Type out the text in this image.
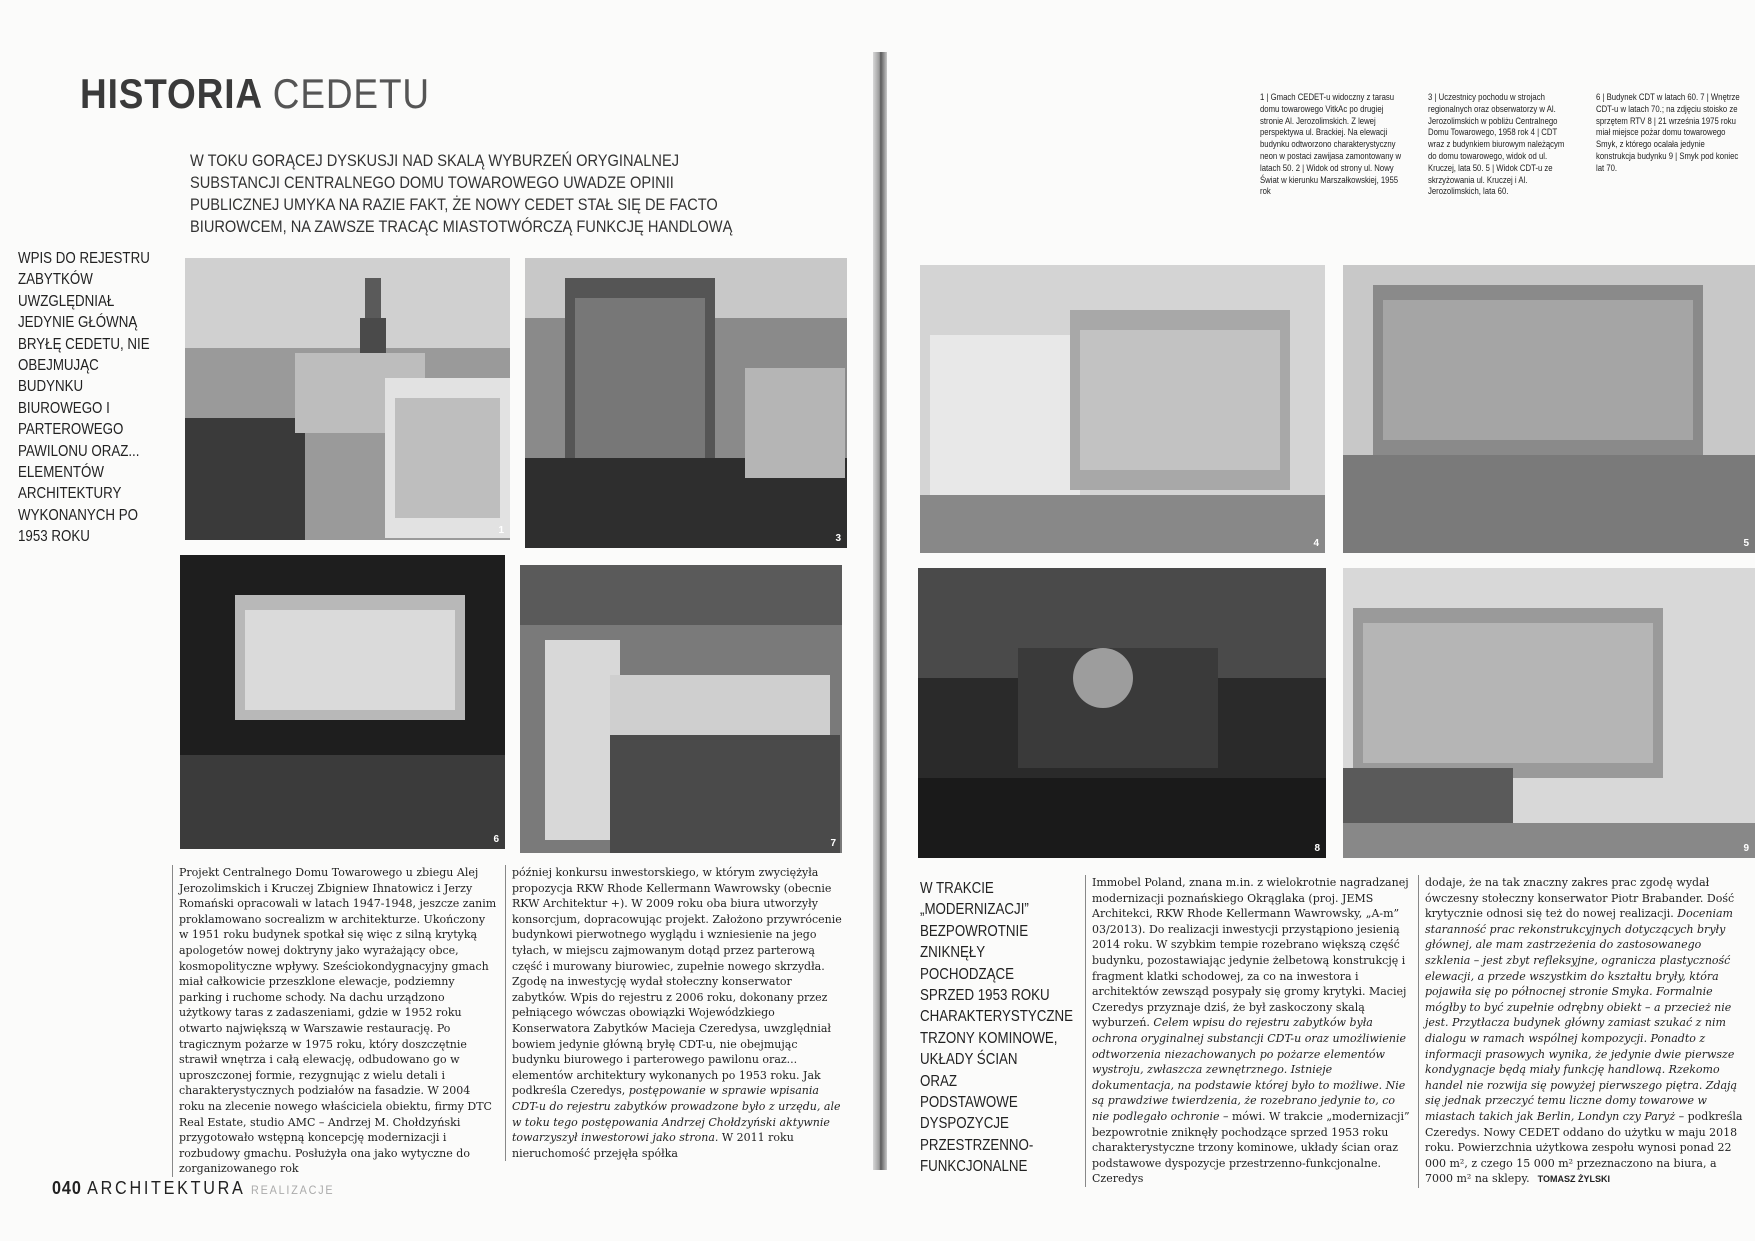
HISTORIA CEDETU
W TOKU GORĄCEJ DYSKUSJI NAD SKALĄ WYBURZEŃ ORYGINALNEJ SUBSTANCJI CENTRALNEGO DOMU TOWAROWEGO UWADZE OPINII PUBLICZNEJ UMYKA NA RAZIE FAKT, ŻE NOWY CEDET STAŁ SIĘ DE FACTO BIUROWCEM, NA ZAWSZE TRACĄC MIASTOTWÓRCZĄ FUNKCJĘ HANDLOWĄ
WPIS DO REJESTRU ZABYTKÓW UWZGLĘDNIAŁ JEDYNIE GŁÓWNĄ BRYŁĘ CEDETU, NIE OBEJMUJĄC BUDYNKU BIUROWEGO I PARTEROWEGO PAWILONU ORAZ... ELEMENTÓW ARCHITEKTURY WYKONANYCH PO 1953 ROKU	1
3
6	7

Projekt Centralnego Domu Towarowego u zbiegu Alej Jerozolimskich i Kruczej Zbigniew Ihnatowicz i Jerzy Romański opracowali w latach 1947-1948, jeszcze zanim proklamowano socrealizm w architekturze. Ukończony w 1951 roku budynek spotkał się więc z silną krytyką apologetów nowej doktryny jako wyrażający obce, kosmopolityczne wpływy. Sześciokondygnacyjny gmach miał całkowicie przeszklone elewacje, podziemny parking i ruchome schody. Na dachu urządzono użytkowy taras z zadaszeniami, gdzie w 1952 roku otwarto największą w Warszawie restaurację. Po tragicznym pożarze w 1975 roku, który doszczętnie strawił wnętrza i całą elewację, odbudowano go w uproszczonej formie, rezygnując z wielu detali i charakterystycznych podziałów na fasadzie. W 2004 roku na zlecenie nowego właściciela obiektu, firmy DTC Real Estate, studio AMC – Andrzej M. Chołdzyński przygotowało wstępną koncepcję modernizacji i rozbudowy gmachu. Posłużyła ona jako wytyczne do zorganizowanego rok

później konkursu inwestorskiego, w którym zwyciężyła propozycja RKW Rhode Kellermann Wawrowsky (obecnie RKW Architektur +). W 2009 roku oba biura utworzyły konsorcjum, dopracowując projekt. Założono przywrócenie budynkowi pierwotnego wyglądu i wzniesienie na jego tyłach, w miejscu zajmowanym dotąd przez parterową część i murowany biurowiec, zupełnie nowego skrzydła. Zgodę na inwestycję wydał stołeczny konserwator zabytków. Wpis do rejestru z 2006 roku, dokonany przez pełniącego wówczas obowiązki Wojewódzkiego Konserwatora Zabytków Macieja Czeredysa, uwzględniał bowiem jedynie główną bryłę CDT-u, nie obejmując budynku biurowego i parterowego pawilonu oraz... elementów architektury wykonanych po 1953 roku. Jak podkreśla Czeredys, postępowanie w sprawie wpisania CDT-u do rejestru zabytków prowadzone było z urzędu, ale w toku tego postępowania Andrzej Chołdzyński aktywnie towarzyszył inwestorowi jako strona. W 2011 roku nieruchomość przejęła spółka

040 ARCHITEKTURA REALIZACJE
1 | Gmach CEDET-u widoczny z tarasu domu towarowego VitkAc po drugiej stronie Al. Jerozolimskich. Z lewej perspektywa ul. Brackiej. Na elewacji budynku odtworzono charakterystyczny neon w postaci zawijasa zamontowany w latach 50. 2 | Widok od strony ul. Nowy Świat w kierunku Marszałkowskiej, 1955 rok
3 | Uczestnicy pochodu w strojach regionalnych oraz obserwatorzy w Al. Jerozolimskich w pobliżu Centralnego Domu Towarowego, 1958 rok 4 | CDT wraz z budynkiem biurowym należącym do domu towarowego, widok od ul. Kruczej, lata 50. 5 | Widok CDT-u ze skrzyżowania ul. Kruczej i Al. Jerozolimskich, lata 60.
6 | Budynek CDT w latach 60. 7 | Wnętrze CDT-u w latach 70.; na zdjęciu stoisko ze sprzętem RTV 8 | 21 września 1975 roku miał miejsce pożar domu towarowego Smyk, z którego ocalała jedynie konstrukcja budynku 9 | Smyk pod koniec lat 70.
4	5
8	9
W TRAKCIE „MODERNIZACJI” BEZPOWROTNIE ZNIKNĘŁY POCHODZĄCE SPRZED 1953 ROKU CHARAKTERYSTYCZNE TRZONY KOMINOWE, UKŁADY ŚCIAN ORAZ PODSTAWOWE DYSPOZYCJE PRZESTRZENNO-FUNKCJONALNE

Immobel Poland, znana m.in. z wielokrotnie nagradzanej modernizacji poznańskiego Okrąglaka (proj. JEMS Architekci, RKW Rhode Kellermann Wawrowsky, „A-m” 03/2013). Do realizacji inwestycji przystąpiono jesienią 2014 roku. W szybkim tempie rozebrano większą część budynku, pozostawiając jedynie żelbetową konstrukcję i fragment klatki schodowej, za co na inwestora i architektów zewsząd posypały się gromy krytyki. Maciej Czeredys przyznaje dziś, że był zaskoczony skalą wyburzeń. Celem wpisu do rejestru zabytków była ochrona oryginalnej substancji CDT-u oraz umożliwienie odtworzenia niezachowanych po pożarze elementów wystroju, zwłaszcza zewnętrznego. Istnieje dokumentacja, na podstawie której było to możliwe. Nie są prawdziwe twierdzenia, że rozebrano jedynie to, co nie podlegało ochronie – mówi. W trakcie „modernizacji” bezpowrotnie zniknęły pochodzące sprzed 1953 roku charakterystyczne trzony kominowe, układy ścian oraz podstawowe dyspozycje przestrzenno-funkcjonalne. Czeredys

dodaje, że na tak znaczny zakres prac zgodę wydał ówczesny stołeczny konserwator Piotr Brabander. Dość krytycznie odnosi się też do nowej realizacji. Doceniam staranność prac rekonstrukcyjnych dotyczących bryły głównej, ale mam zastrzeżenia do zastosowanego szklenia – jest zbyt refleksyjne, ogranicza plastyczność elewacji, a przede wszystkim do kształtu bryły, która pojawiła się po północnej stronie Smyka. Formalnie mógłby to być zupełnie odrębny obiekt – a przecież nie jest. Przytłacza budynek główny zamiast szukać z nim dialogu w ramach wspólnej kompozycji. Ponadto z informacji prasowych wynika, że jedynie dwie pierwsze kondygnacje będą miały funkcję handlową. Rzekomo handel nie rozwija się powyżej pierwszego piętra. Zdają się jednak przeczyć temu liczne domy towarowe w miastach takich jak Berlin, Londyn czy Paryż – podkreśla Czeredys. Nowy CEDET oddano do użytku w maju 2018 roku. Powierzchnia użytkowa zespołu wynosi ponad 22 000 m², z czego 15 000 m² przeznaczono na biura, a 7000 m² na sklepy. TOMASZ ŻYLSKI
